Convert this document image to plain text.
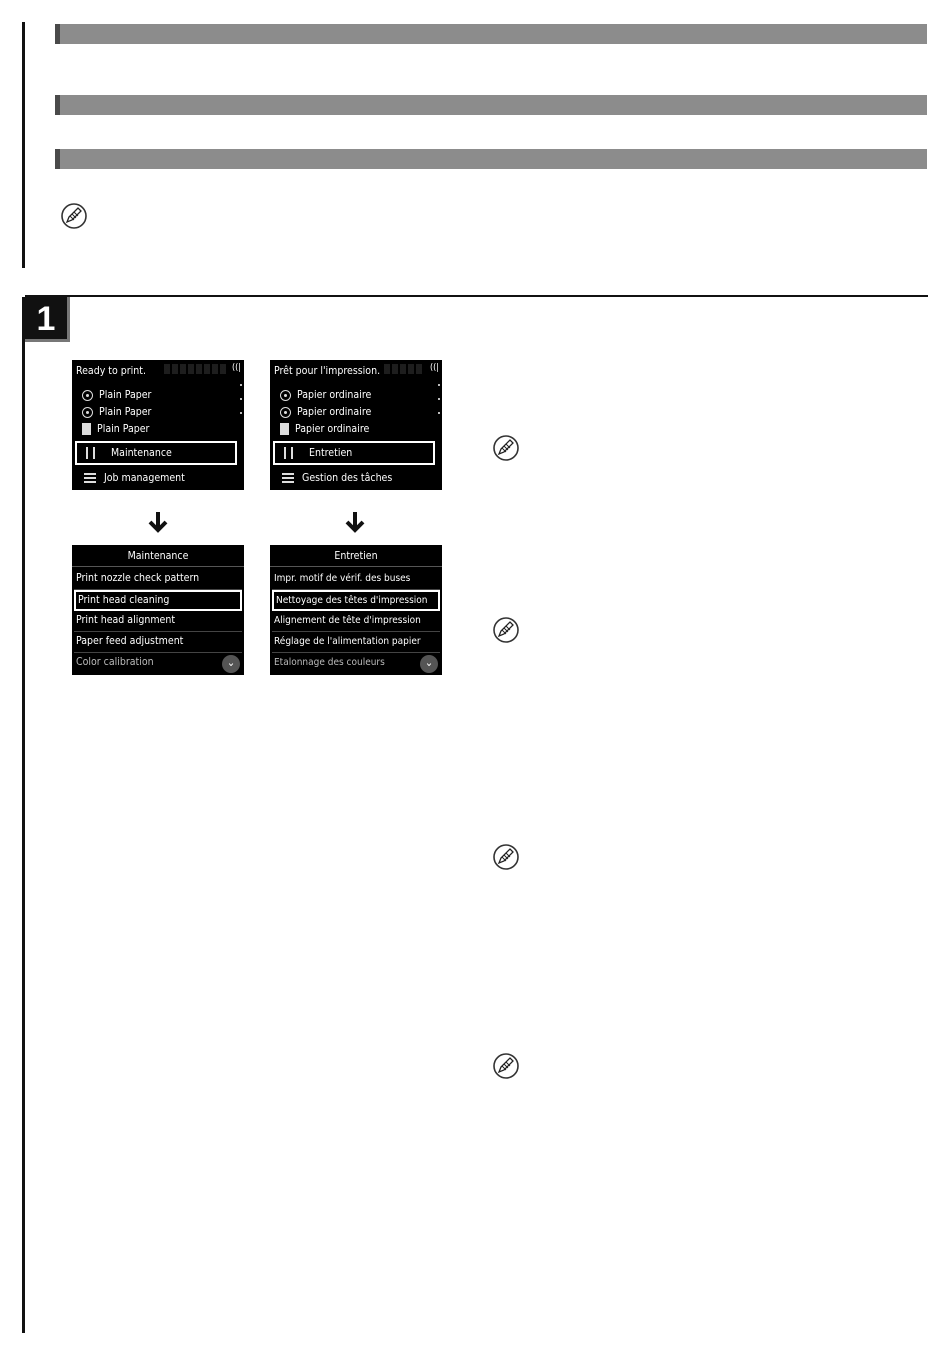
1
Ready to print.	((|
Plain Paper
Plain Paper
Plain Paper
Maintenance
Job management
Prêt pour l'impression.	((|
Papier ordinaire
Papier ordinaire
Papier ordinaire
Entretien
Gestion des tâches
Maintenance
Print nozzle check pattern
Print head cleaning
Print head alignment
Paper feed adjustment
Color calibration	⌄
Entretien
Impr. motif de vérif. des buses
Nettoyage des têtes d'impression
Alignement de tête d'impression
Réglage de l'alimentation papier
Etalonnage des couleurs	⌄
